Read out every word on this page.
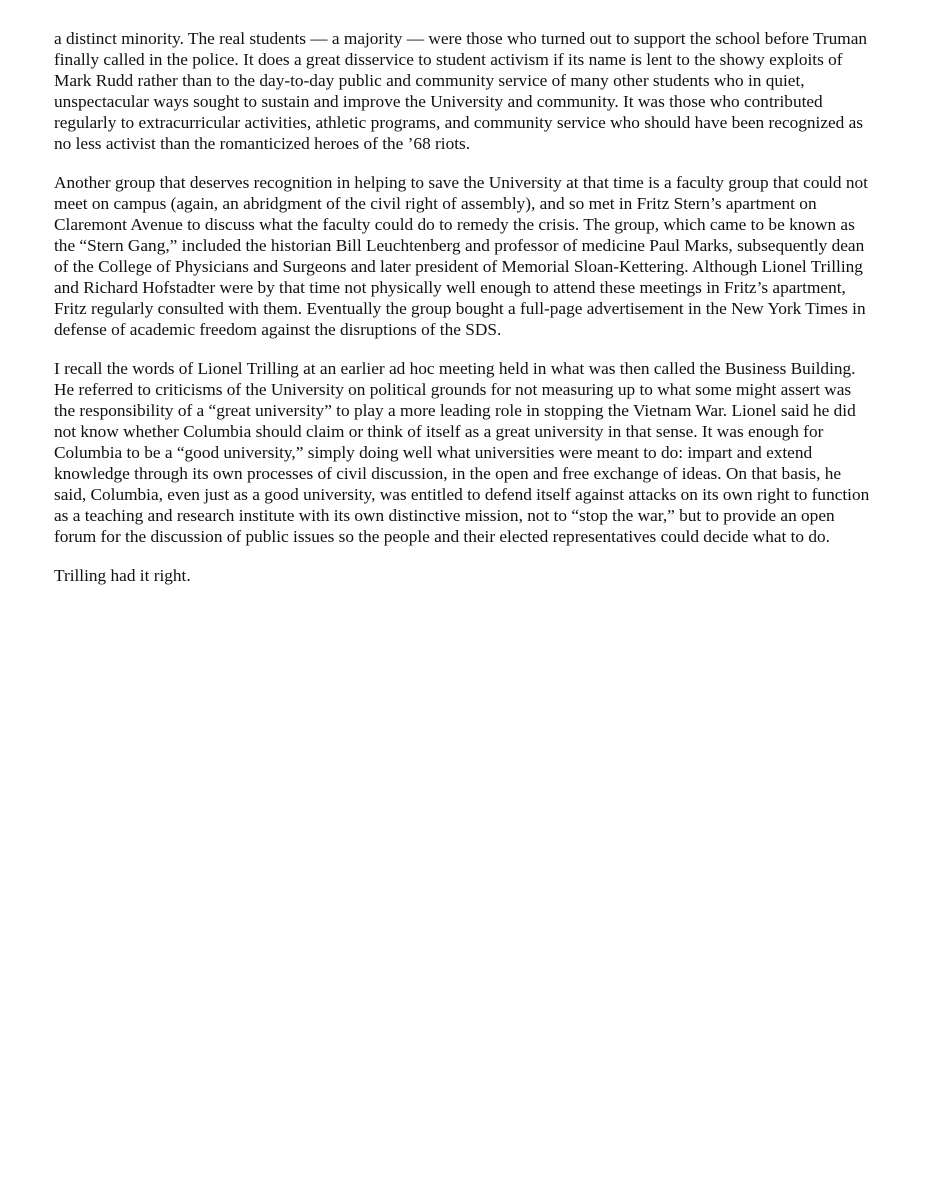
a distinct minority. The real students — a majority — were those who turned out to support the school before Truman finally called in the police. It does a great disservice to student activism if its name is lent to the showy exploits of Mark Rudd rather than to the day-to-day public and community service of many other students who in quiet, unspectacular ways sought to sustain and improve the University and community. It was those who contributed regularly to extracurricular activities, athletic programs, and community service who should have been recognized as no less activist than the romanticized heroes of the ’68 riots.

Another group that deserves recognition in helping to save the University at that time is a faculty group that could not meet on campus (again, an abridgment of the civil right of assembly), and so met in Fritz Stern’s apartment on Claremont Avenue to discuss what the faculty could do to remedy the crisis. The group, which came to be known as the “Stern Gang,” included the historian Bill Leuchtenberg and professor of medicine Paul Marks, subsequently dean of the College of Physicians and Surgeons and later president of Memorial Sloan-Kettering. Although Lionel Trilling and Richard Hofstadter were by that time not physically well enough to attend these meetings in Fritz’s apartment, Fritz regularly consulted with them. Eventually the group bought a full-page advertisement in the New York Times in defense of academic freedom against the disruptions of the SDS.

I recall the words of Lionel Trilling at an earlier ad hoc meeting held in what was then called the Business Building. He referred to criticisms of the University on political grounds for not measuring up to what some might assert was the responsibility of a “great university” to play a more leading role in stopping the Vietnam War. Lionel said he did not know whether Columbia should claim or think of itself as a great university in that sense. It was enough for Columbia to be a “good university,” simply doing well what universities were meant to do: impart and extend knowledge through its own processes of civil discussion, in the open and free exchange of ideas. On that basis, he said, Columbia, even just as a good university, was entitled to defend itself against attacks on its own right to function as a teaching and research institute with its own distinctive mission, not to “stop the war,” but to provide an open forum for the discussion of public issues so the people and their elected representatives could decide what to do.

Trilling had it right.
